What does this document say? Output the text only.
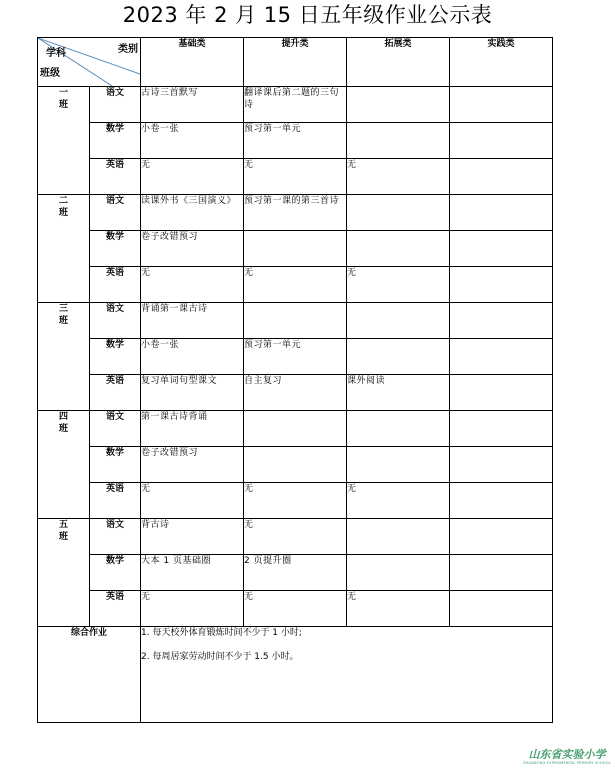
2023 年 2 月 15 日五年级作业公示表
学科 类别
班级		基础类	提升类	拓展类	实践类

一
班	语文	古诗三首默写	翻译课后第二题的三句诗		
	数学	小卷一张	预习第一单元		
	英语	无	无	无	

二
班	语文	读课外书《三国演义》	预习第一课的第三首诗		
	数学	卷子改错预习			
	英语	无	无	无	

三
班	语文	背诵第一课古诗			
	数学	小卷一张	预习第一单元		
	英语	复习单词句型课文	自主复习	课外阅读	

四
班	语文	第一课古诗背诵			
	数学	卷子改错预习			
	英语	无	无	无	

五
班	语文	背古诗	无		
	数学	大本 1 页基础圈	2 页提升圈		
	英语	无	无	无	
综合作业		1. 每天校外体育锻炼时间不少于 1 小时;
2. 每周居家劳动时间不少于 1.5 小时。			
山东省实验小学
SHANDONG EXPERIMENTAL PRIMARY SCHOOL
